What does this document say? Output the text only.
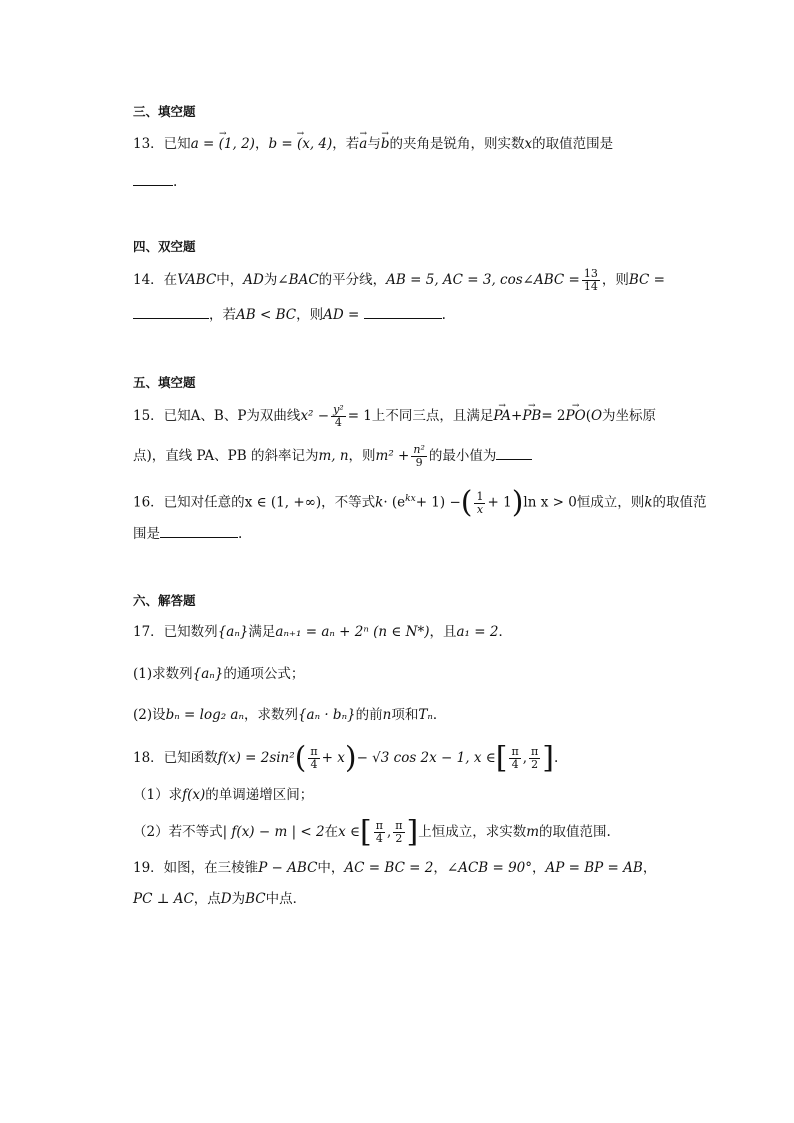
三、填空题
13．已知→ a = (1, 2)，→ b = (x, 4)，若→ a与→ b的夹角是锐角，则实数x的取值范围是
.
四、双空题
14．在VABC中，AD为∠BAC的平分线，AB = 5, AC = 3, cos∠ABC = $\frac{13}{14}$ ，则BC =
，若AB < BC，则AD =	.
五、填空题
15．已知A、B、P为双曲线$x^2 - \frac{\text{y²}}{4} = 1$上不同三点，且满足→ PA+→ PB= 2→ PO(O为坐标原
点)，直线 PA、PB 的斜率记为m, n，则$m^2 + \frac{\text{n²}}{9}$ 的最小值为
16．已知对任意的x ∈ (1, +∞)，不等式$k\cdot (e^{kx}+ 1)$ −( $\frac{1}{x} + 1)\ln$ x > 0恒成立，则k的取值范
围是	.
六、解答题
17．已知数列{aₙ}满足aₙ₊₁ = aₙ + 2ⁿ (n ∈ N*)，且a₁ = 2．
(1)求数列{aₙ}的通项公式；
(2)设bₙ = log₂ aₙ，求数列{aₙ · bₙ}的前n项和Tₙ．
18．已知函数$f(x) = 2\sin^2( \frac{\pi}{4} + x)- √3$ cos 2x − 1, x ∈[ $\frac{\pi}{4}$ , $\frac{\pi}{2}$ ].
（1）求f(x)的单调递增区间；
（2）若不等式| f(x) − m | < 2在x ∈[ $\frac{\pi}{4}$ , $\frac{\pi}{2}$ ]上恒成立，求实数m的取值范围.
19．如图，在三棱锥P − ABC中，AC = BC = 2，∠ACB = 90°，AP = BP = AB，
PC ⊥ AC，点D为BC中点．
